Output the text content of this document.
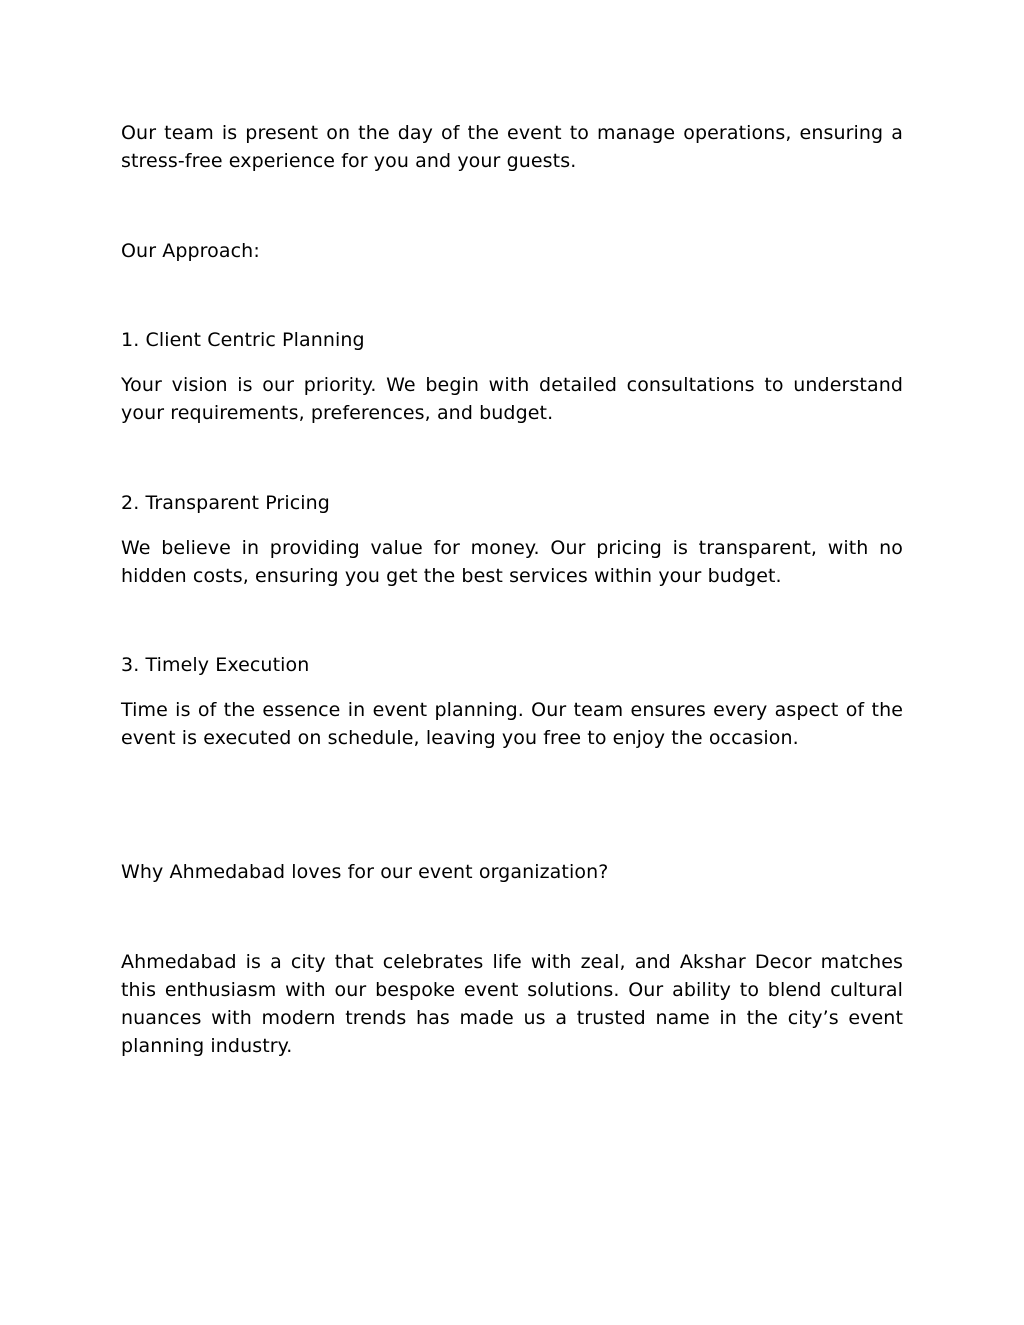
Our team is present on the day of the event to manage operations, ensuring a stress-free experience for you and your guests.

Our Approach:

1. Client Centric Planning

Your vision is our priority. We begin with detailed consultations to understand your requirements, preferences, and budget.

2. Transparent Pricing

We believe in providing value for money. Our pricing is transparent, with no hidden costs, ensuring you get the best services within your budget.

3. Timely Execution

Time is of the essence in event planning. Our team ensures every aspect of the event is executed on schedule, leaving you free to enjoy the occasion.

Why Ahmedabad loves for our event organization?

Ahmedabad is a city that celebrates life with zeal, and Akshar Decor matches this enthusiasm with our bespoke event solutions. Our ability to blend cultural nuances with modern trends has made us a trusted name in the city’s event planning industry.
